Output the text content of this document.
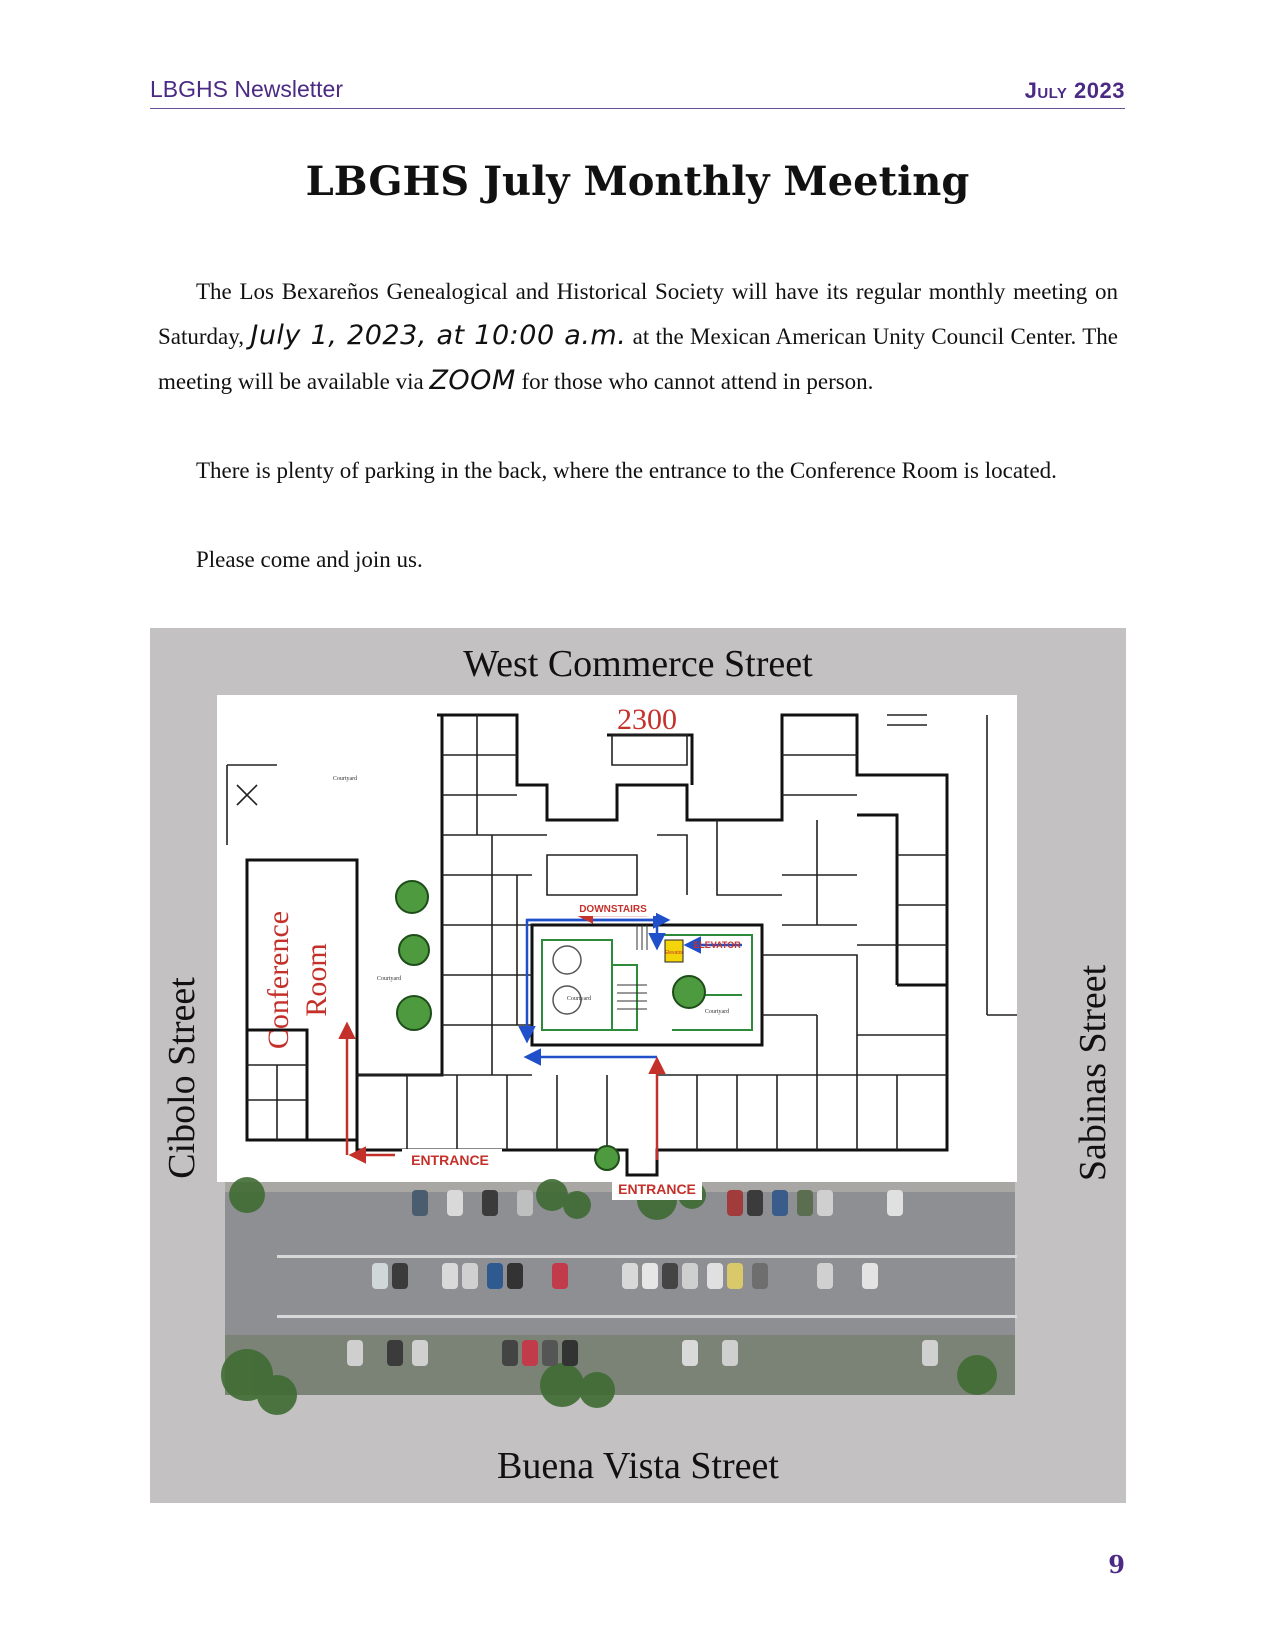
LBGHS Newsletter	July 2023
LBGHS July Monthly Meeting

The Los Bexareños Genealogical and Historical Society will have its regular monthly meeting on Saturday, July 1, 2023, at 10:00 a.m. at the Mexican American Unity Council Center. The meeting will be available via ZOOM for those who cannot attend in person.

There is plenty of parking in the back, where the entrance to the Conference Room is located.

Please come and join us.

West Commerce Street
Buena Vista Street
Cibolo Street	Sabinas Street
Elevator
2300
Conference Room
DOWNSTAIRS
ELEVATOR
ENTRANCE
ENTRANCE
Courtyard
Courtyard
Courtyard
Courtyard
9
